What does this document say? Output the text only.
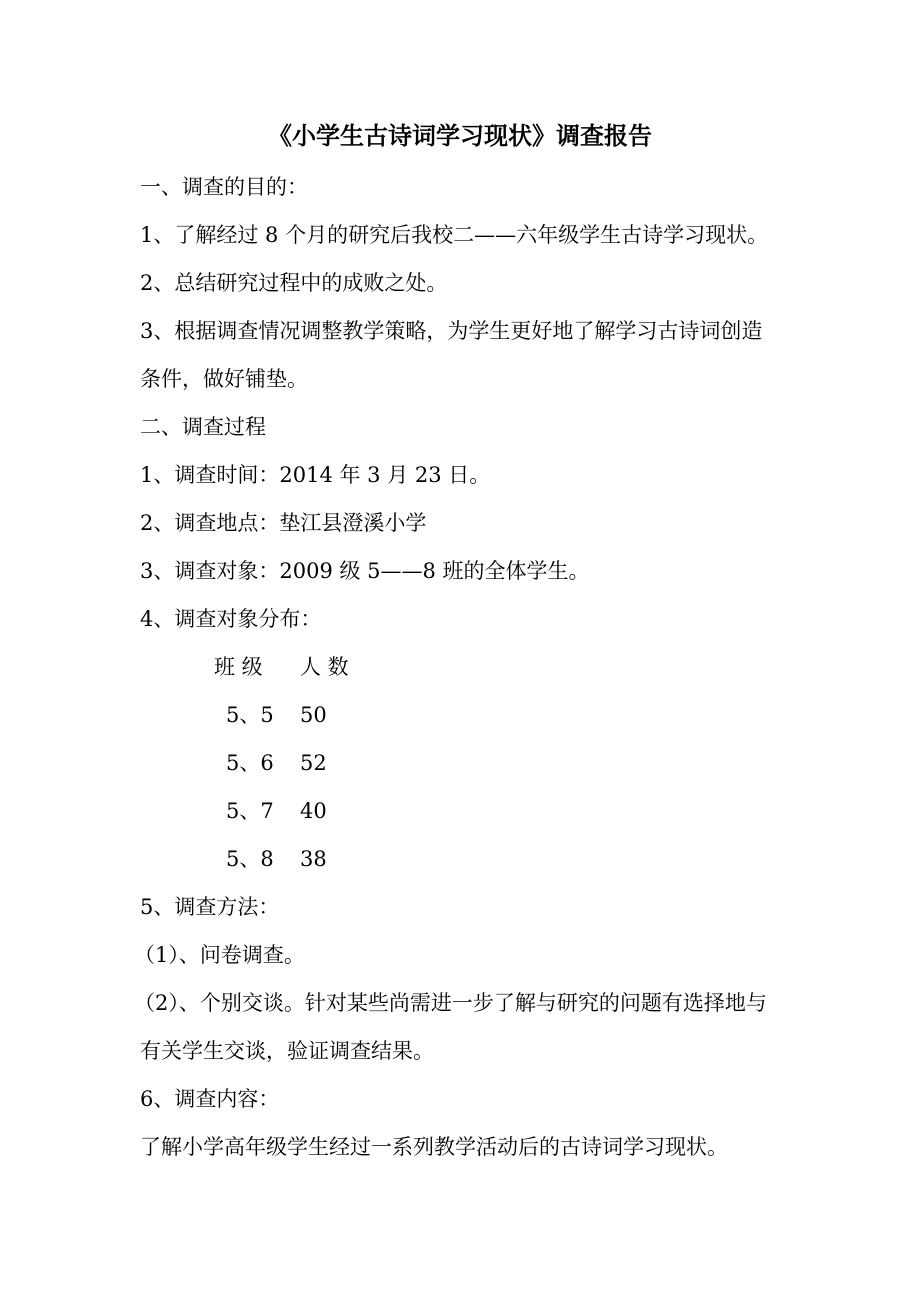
《小学生古诗词学习现状》调查报告
一、调查的目的：
1、了解经过 8 个月的研究后我校二——六年级学生古诗学习现状。
2、总结研究过程中的成败之处。
3、根据调查情况调整教学策略，为学生更好地了解学习古诗词创造
条件，做好铺垫。
二、调查过程
1、调查时间：2014 年 3 月 23 日。
2、调查地点：垫江县澄溪小学
3、调查对象：2009 级 5——8 班的全体学生。
4、调查对象分布：
班 级 人 数
5、5 50
5、6 52
5、7 40
5、8 38
5、调查方法：
（1）、问卷调查。
（2）、个别交谈。针对某些尚需进一步了解与研究的问题有选择地与
有关学生交谈，验证调查结果。
6、调查内容：
了解小学高年级学生经过一系列教学活动后的古诗词学习现状。
